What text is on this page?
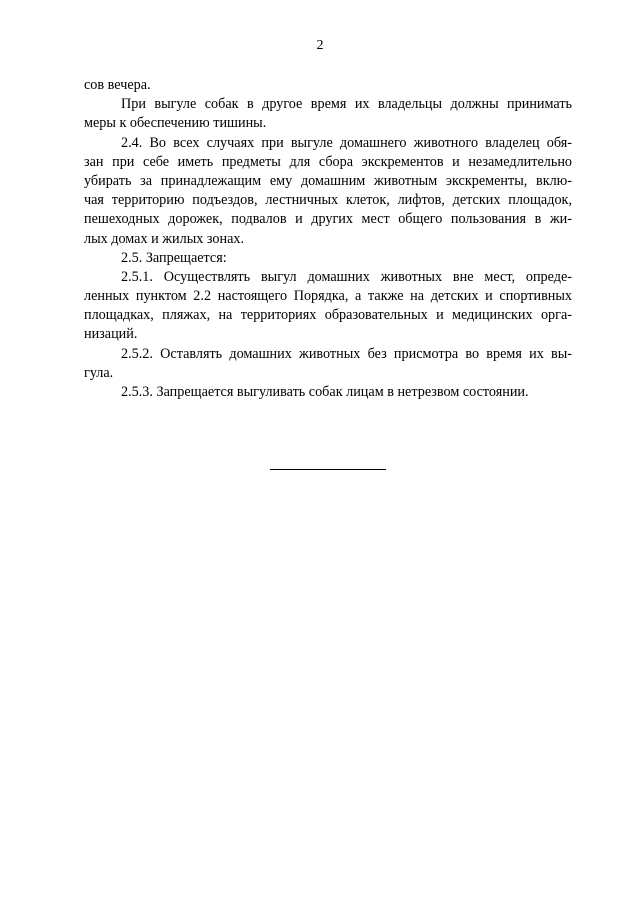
2
сов вечера.
При выгуле собак в другое время их владельцы должны принимать
меры к обеспечению тишины.
2.4. Во всех случаях при выгуле домашнего животного владелец обя-
зан при себе иметь предметы для сбора экскрементов и незамедлительно
убирать за принадлежащим ему домашним животным экскременты, вклю-
чая территорию подъездов, лестничных клеток, лифтов, детских площадок,
пешеходных дорожек, подвалов и других мест общего пользования в жи-
лых домах и жилых зонах.
2.5. Запрещается:
2.5.1. Осуществлять выгул домашних животных вне мест, опреде-
ленных пунктом 2.2 настоящего Порядка, а также на детских и спортивных
площадках, пляжах, на территориях образовательных и медицинских орга-
низаций.
2.5.2. Оставлять домашних животных без присмотра во время их вы-
гула.
2.5.3. Запрещается выгуливать собак лицам в нетрезвом состоянии.
